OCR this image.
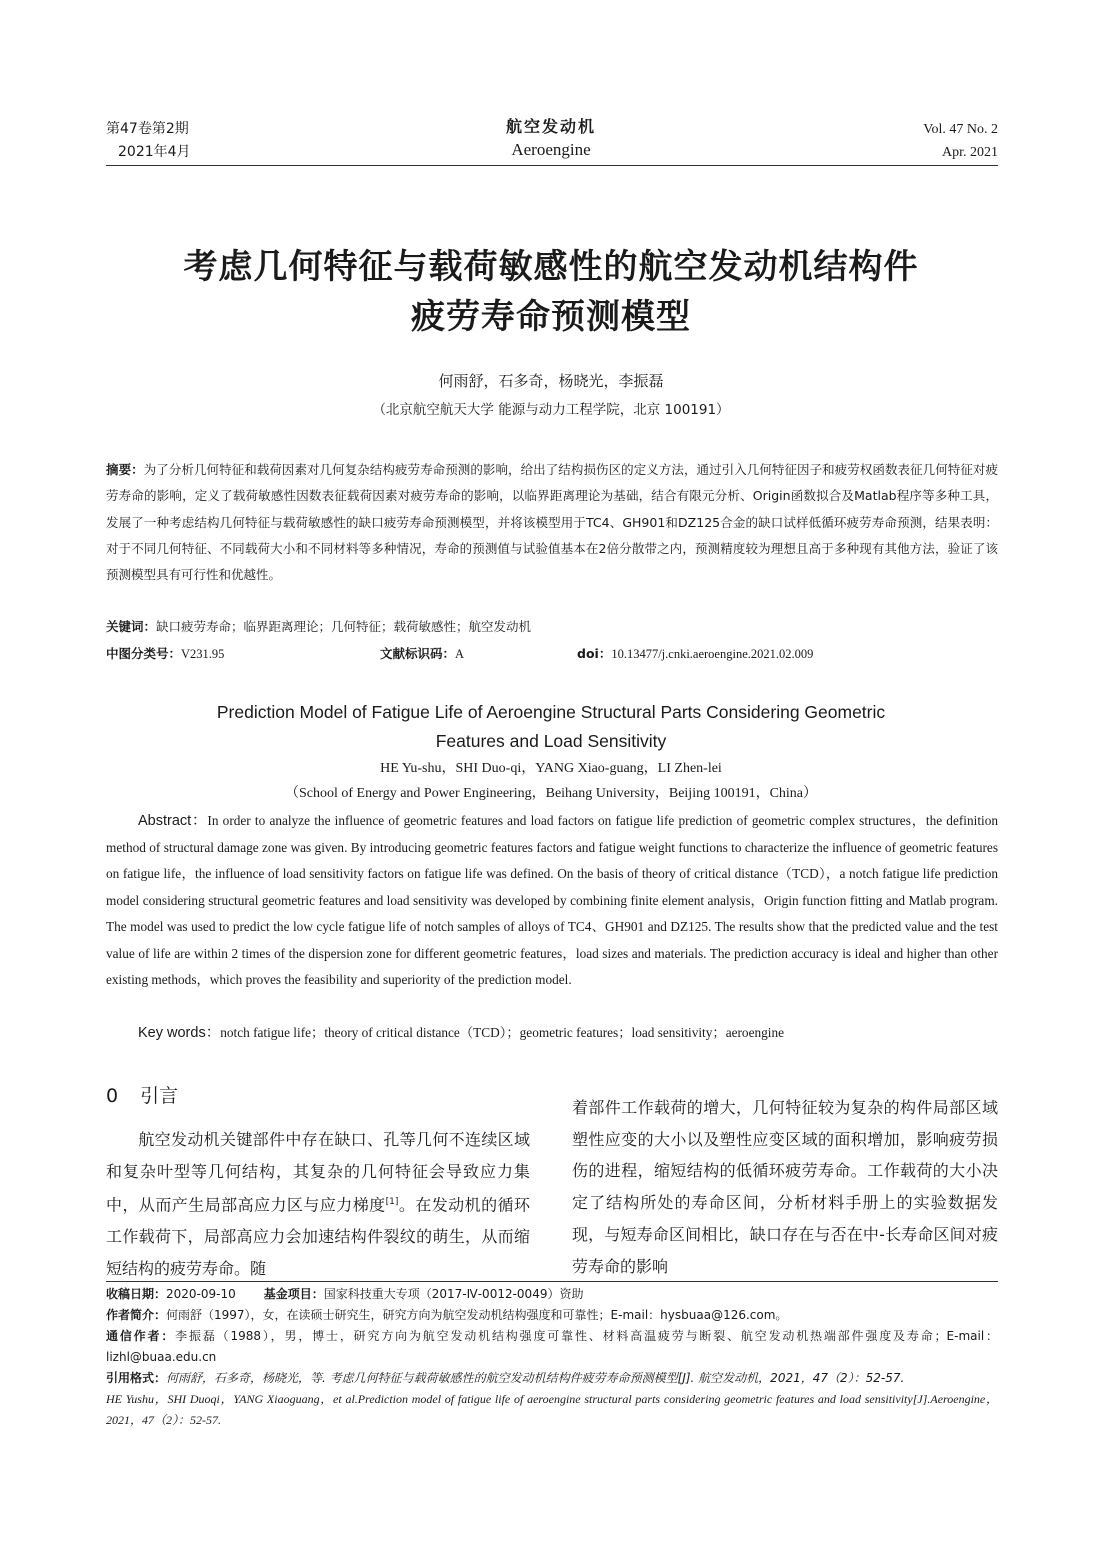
第47卷第2期
2021年4月
航空发动机
Aeroengine
Vol. 47 No. 2
Apr. 2021
考虑几何特征与载荷敏感性的航空发动机结构件
疲劳寿命预测模型
何雨舒，石多奇，杨晓光，李振磊
（北京航空航天大学 能源与动力工程学院，北京 100191）
摘要：为了分析几何特征和载荷因素对几何复杂结构疲劳寿命预测的影响，给出了结构损伤区的定义方法，通过引入几何特征因子和疲劳权函数表征几何特征对疲劳寿命的影响，定义了载荷敏感性因数表征载荷因素对疲劳寿命的影响，以临界距离理论为基础，结合有限元分析、Origin函数拟合及Matlab程序等多种工具，发展了一种考虑结构几何特征与载荷敏感性的缺口疲劳寿命预测模型，并将该模型用于TC4、GH901和DZ125合金的缺口试样低循环疲劳寿命预测，结果表明：对于不同几何特征、不同载荷大小和不同材料等多种情况，寿命的预测值与试验值基本在2倍分散带之内，预测精度较为理想且高于多种现有其他方法，验证了该预测模型具有可行性和优越性。
关键词：缺口疲劳寿命；临界距离理论；几何特征；载荷敏感性；航空发动机
中图分类号：V231.95	文献标识码：A	doi：10.13477/j.cnki.aeroengine.2021.02.009
Prediction Model of Fatigue Life of Aeroengine Structural Parts Considering Geometric
Features and Load Sensitivity
HE Yu-shu，SHI Duo-qi，YANG Xiao-guang，LI Zhen-lei
（School of Energy and Power Engineering，Beihang University，Beijing 100191，China）
Abstract：In order to analyze the influence of geometric features and load factors on fatigue life prediction of geometric complex structures，the definition method of structural damage zone was given. By introducing geometric features factors and fatigue weight functions to characterize the influence of geometric features on fatigue life，the influence of load sensitivity factors on fatigue life was defined. On the basis of theory of critical distance（TCD），a notch fatigue life prediction model considering structural geometric features and load sensitivity was developed by combining finite element analysis，Origin function fitting and Matlab program. The model was used to predict the low cycle fatigue life of notch samples of alloys of TC4、GH901 and DZ125. The results show that the predicted value and the test value of life are within 2 times of the dispersion zone for different geometric features，load sizes and materials. The prediction accuracy is ideal and higher than other existing methods，which proves the feasibility and superiority of the prediction model.
Key words：notch fatigue life；theory of critical distance（TCD）；geometric features；load sensitivity；aeroengine
0 引言
航空发动机关键部件中存在缺口、孔等几何不连续区域和复杂叶型等几何结构，其复杂的几何特征会导致应力集中，从而产生局部高应力区与应力梯度[1]。在发动机的循环工作载荷下，局部高应力会加速结构件裂纹的萌生，从而缩短结构的疲劳寿命。随
着部件工作载荷的增大，几何特征较为复杂的构件局部区域塑性应变的大小以及塑性应变区域的面积增加，影响疲劳损伤的进程，缩短结构的低循环疲劳寿命。工作载荷的大小决定了结构所处的寿命区间，分析材料手册上的实验数据发现，与短寿命区间相比，缺口存在与否在中-长寿命区间对疲劳寿命的影响
收稿日期：2020-09-10 基金项目：国家科技重大专项（2017-Ⅳ-0012-0049）资助
作者简介：何雨舒（1997），女，在读硕士研究生，研究方向为航空发动机结构强度和可靠性；E-mail：hysbuaa@126.com。
通信作者：李振磊（1988），男，博士，研究方向为航空发动机结构强度可靠性、材料高温疲劳与断裂、航空发动机热端部件强度及寿命；E-mail：lizhl@buaa.edu.cn
引用格式：何雨舒，石多奇，杨晓光，等. 考虑几何特征与载荷敏感性的航空发动机结构件疲劳寿命预测模型[J]. 航空发动机，2021，47（2）：52-57.
HE Yushu，SHI Duoqi，YANG Xiaoguang，et al.Prediction model of fatigue life of aeroengine structural parts considering geometric features and load sensitivity[J].Aeroengine，2021，47（2）：52-57.
